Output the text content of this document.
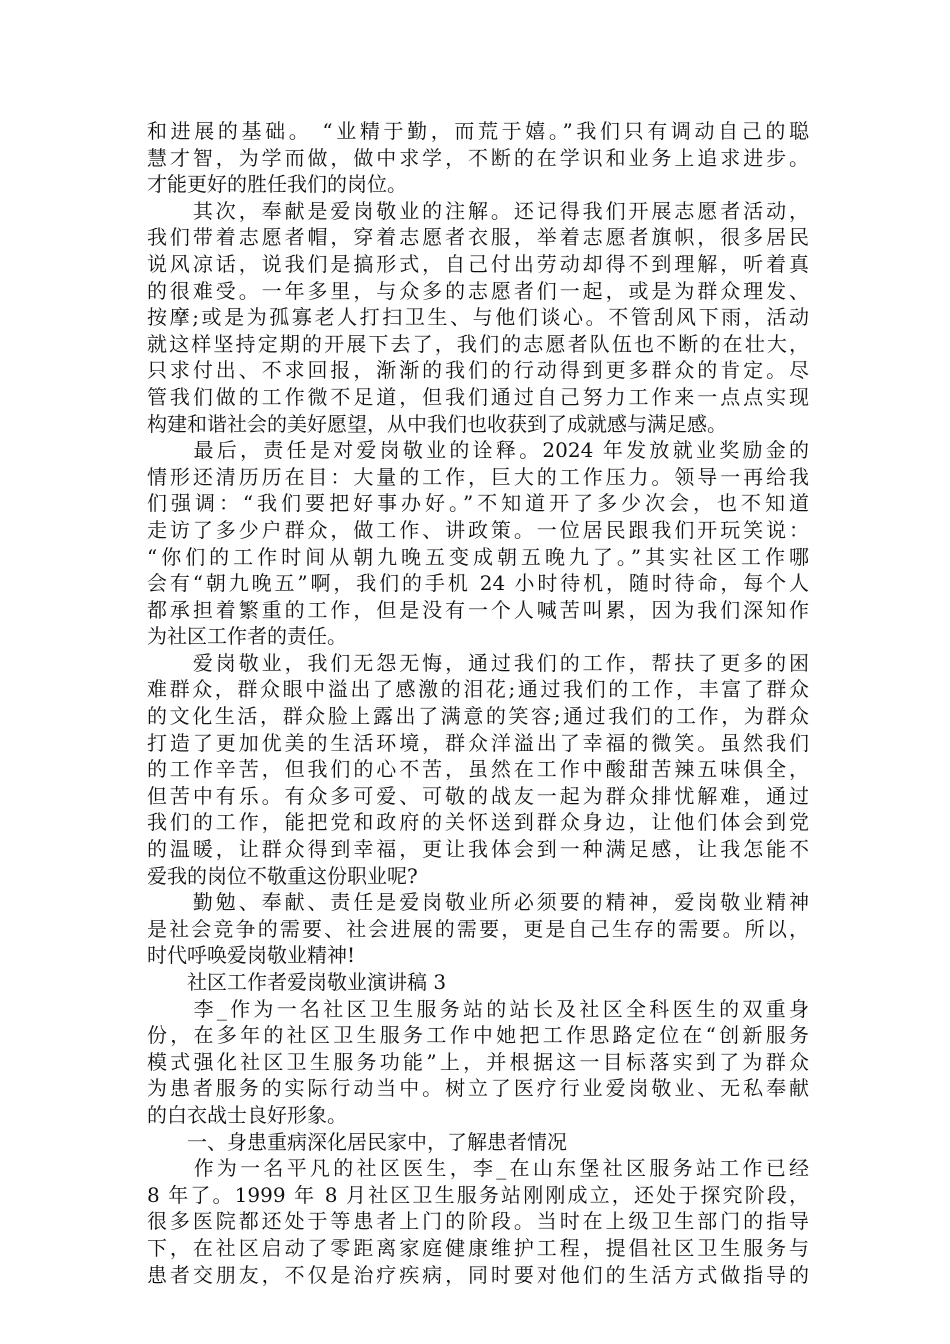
和进展的基础。 “业精于勤，而荒于嬉。”我们只有调动自己的聪
慧才智，为学而做，做中求学，不断的在学识和业务上追求进步。
才能更好的胜任我们的岗位。
　　其次，奉献是爱岗敬业的注解。还记得我们开展志愿者活动，
我们带着志愿者帽，穿着志愿者衣服，举着志愿者旗帜，很多居民
说风凉话，说我们是搞形式，自己付出劳动却得不到理解，听着真
的很难受。一年多里，与众多的志愿者们一起，或是为群众理发、
按摩;或是为孤寡老人打扫卫生、与他们谈心。不管刮风下雨，活动
就这样坚持定期的开展下去了，我们的志愿者队伍也不断的在壮大，
只求付出、不求回报，渐渐的我们的行动得到更多群众的肯定。尽
管我们做的工作微不足道，但我们通过自己努力工作来一点点实现
构建和谐社会的美好愿望，从中我们也收获到了成就感与满足感。
　　最后，责任是对爱岗敬业的诠释。2024 年发放就业奖励金的
情形还清历历在目：大量的工作，巨大的工作压力。领导一再给我
们强调：“我们要把好事办好。”不知道开了多少次会，也不知道
走访了多少户群众，做工作、讲政策。一位居民跟我们开玩笑说：
“你们的工作时间从朝九晚五变成朝五晚九了。”其实社区工作哪
会有“朝九晚五”啊，我们的手机 24 小时待机，随时待命，每个人
都承担着繁重的工作，但是没有一个人喊苦叫累，因为我们深知作
为社区工作者的责任。
　　爱岗敬业，我们无怨无悔，通过我们的工作，帮扶了更多的困
难群众，群众眼中溢出了感激的泪花;通过我们的工作，丰富了群众
的文化生活，群众脸上露出了满意的笑容;通过我们的工作，为群众
打造了更加优美的生活环境，群众洋溢出了幸福的微笑。虽然我们
的工作辛苦，但我们的心不苦，虽然在工作中酸甜苦辣五味俱全，
但苦中有乐。有众多可爱、可敬的战友一起为群众排忧解难，通过
我们的工作，能把党和政府的关怀送到群众身边，让他们体会到党
的温暖，让群众得到幸福，更让我体会到一种满足感，让我怎能不
爱我的岗位不敬重这份职业呢?
　　勤勉、奉献、责任是爱岗敬业所必须要的精神，爱岗敬业精神
是社会竞争的需要、社会进展的需要，更是自己生存的需要。所以，
时代呼唤爱岗敬业精神!
　　社区工作者爱岗敬业演讲稿 3
　　李_作为一名社区卫生服务站的站长及社区全科医生的双重身
份，在多年的社区卫生服务工作中她把工作思路定位在“创新服务
模式强化社区卫生服务功能”上，并根据这一目标落实到了为群众
为患者服务的实际行动当中。树立了医疗行业爱岗敬业、无私奉献
的白衣战士良好形象。
　　一、身患重病深化居民家中，了解患者情况
　　作为一名平凡的社区医生，李_在山东堡社区服务站工作已经
8 年了。1999 年 8 月社区卫生服务站刚刚成立，还处于探究阶段，
很多医院都还处于等患者上门的阶段。当时在上级卫生部门的指导
下，在社区启动了零距离家庭健康维护工程，提倡社区卫生服务与
患者交朋友，不仅是治疗疾病，同时要对他们的生活方式做指导的
